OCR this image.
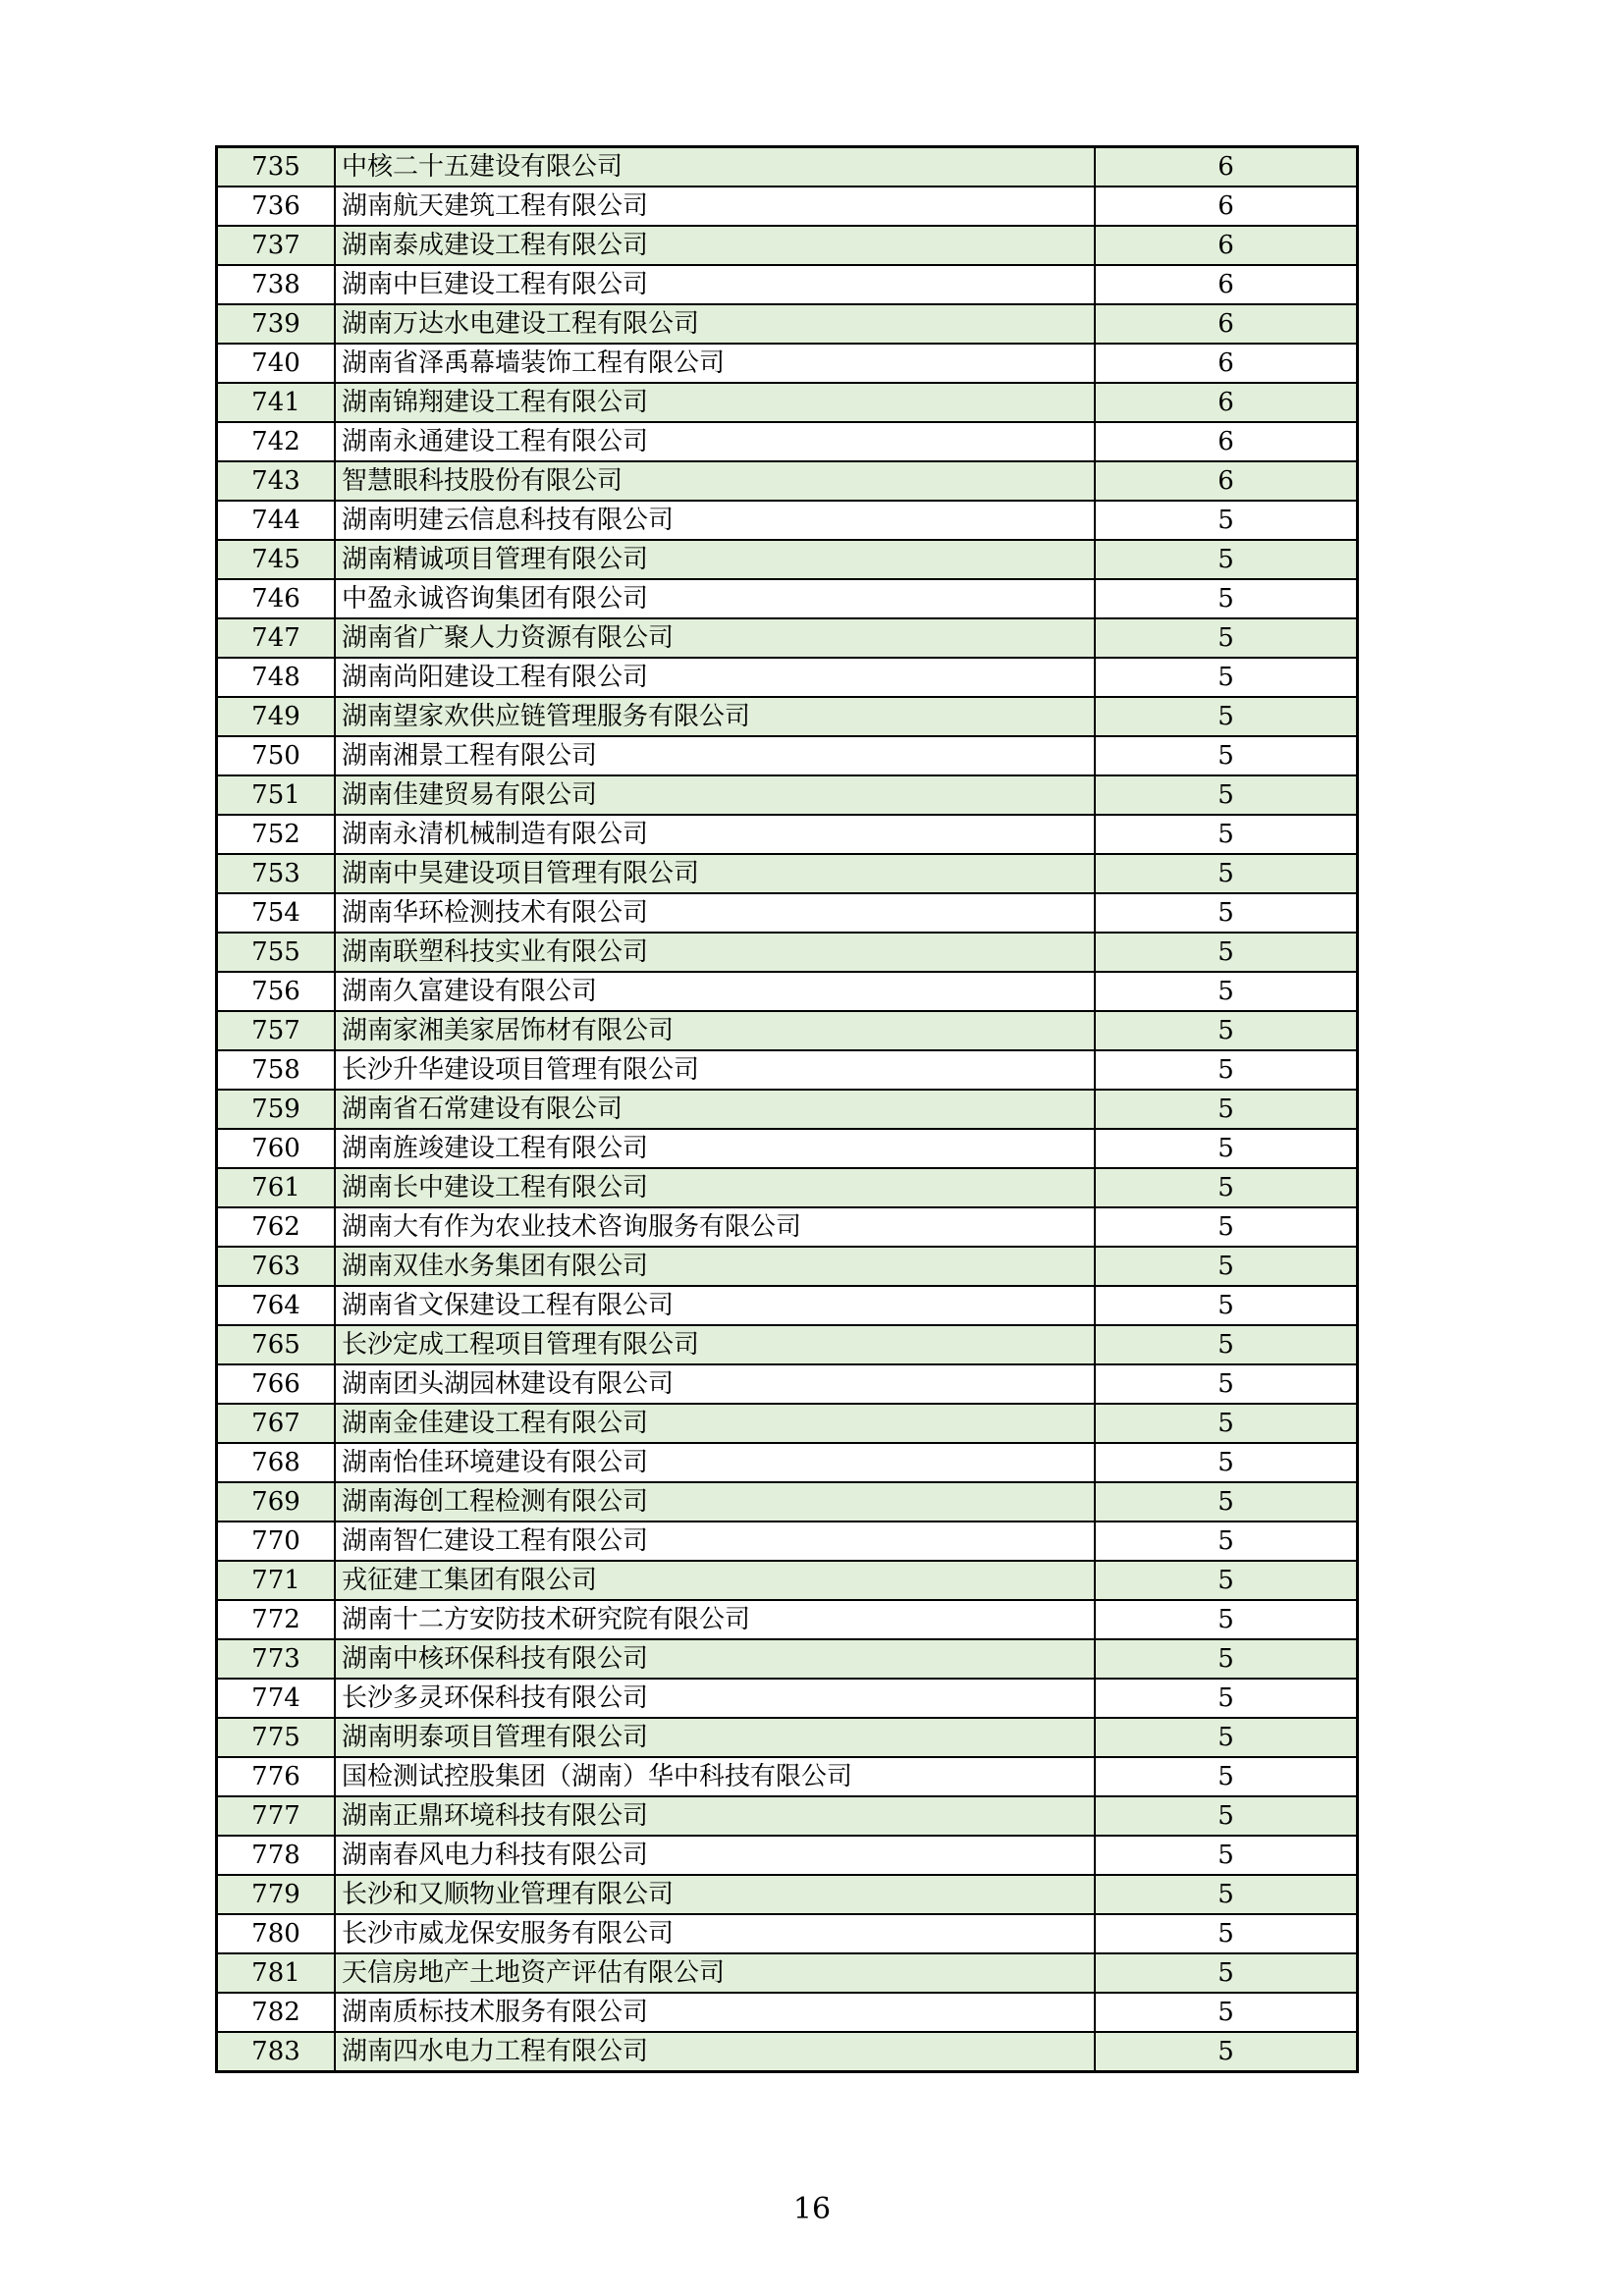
735	中核二十五建设有限公司	6
736	湖南航天建筑工程有限公司	6
737	湖南泰成建设工程有限公司	6
738	湖南中巨建设工程有限公司	6
739	湖南万达水电建设工程有限公司	6
740	湖南省泽禹幕墙装饰工程有限公司	6
741	湖南锦翔建设工程有限公司	6
742	湖南永通建设工程有限公司	6
743	智慧眼科技股份有限公司	6
744	湖南明建云信息科技有限公司	5
745	湖南精诚项目管理有限公司	5
746	中盈永诚咨询集团有限公司	5
747	湖南省广聚人力资源有限公司	5
748	湖南尚阳建设工程有限公司	5
749	湖南望家欢供应链管理服务有限公司	5
750	湖南湘景工程有限公司	5
751	湖南佳建贸易有限公司	5
752	湖南永清机械制造有限公司	5
753	湖南中昊建设项目管理有限公司	5
754	湖南华环检测技术有限公司	5
755	湖南联塑科技实业有限公司	5
756	湖南久富建设有限公司	5
757	湖南家湘美家居饰材有限公司	5
758	长沙升华建设项目管理有限公司	5
759	湖南省石常建设有限公司	5
760	湖南旌竣建设工程有限公司	5
761	湖南长中建设工程有限公司	5
762	湖南大有作为农业技术咨询服务有限公司	5
763	湖南双佳水务集团有限公司	5
764	湖南省文保建设工程有限公司	5
765	长沙定成工程项目管理有限公司	5
766	湖南团头湖园林建设有限公司	5
767	湖南金佳建设工程有限公司	5
768	湖南怡佳环境建设有限公司	5
769	湖南海创工程检测有限公司	5
770	湖南智仁建设工程有限公司	5
771	戎征建工集团有限公司	5
772	湖南十二方安防技术研究院有限公司	5
773	湖南中核环保科技有限公司	5
774	长沙多灵环保科技有限公司	5
775	湖南明泰项目管理有限公司	5
776	国检测试控股集团（湖南）华中科技有限公司	5
777	湖南正鼎环境科技有限公司	5
778	湖南春风电力科技有限公司	5
779	长沙和又顺物业管理有限公司	5
780	长沙市威龙保安服务有限公司	5
781	天信房地产土地资产评估有限公司	5
782	湖南质标技术服务有限公司	5
783	湖南四水电力工程有限公司	5
16
